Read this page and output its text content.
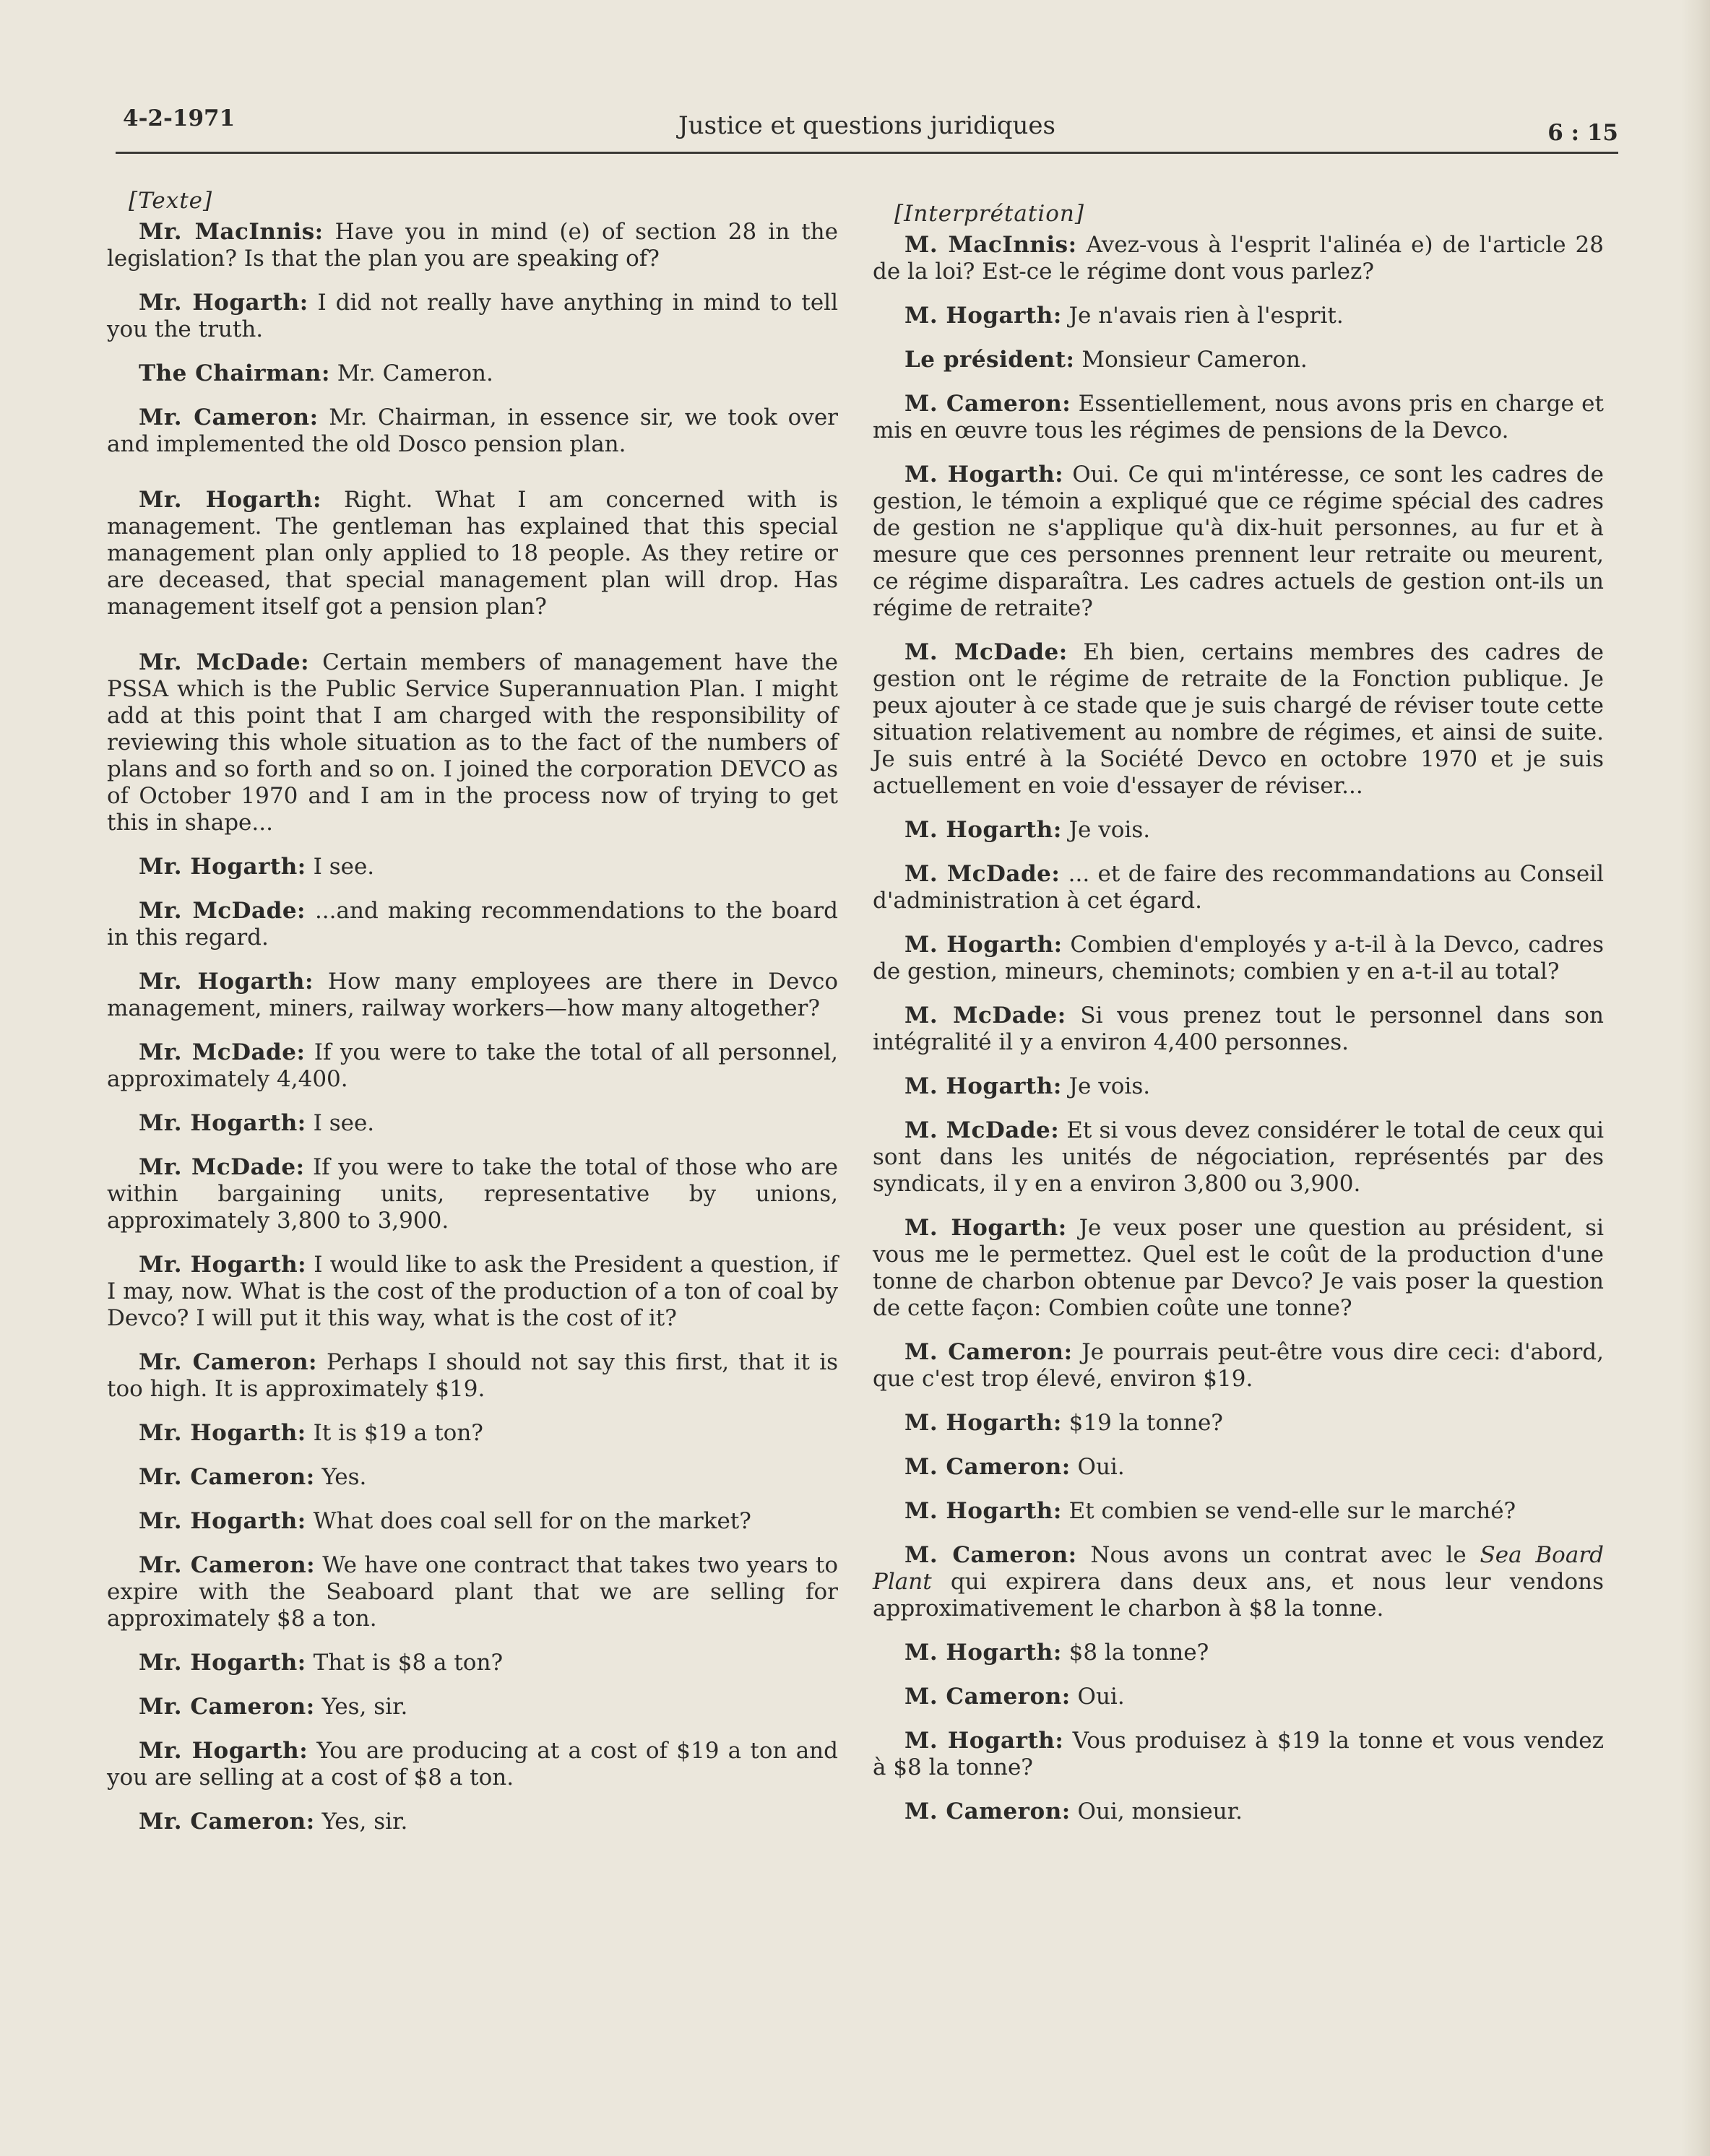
4-2-1971	Justice et questions juridiques	6 : 15
[Texte]

Mr. MacInnis: Have you in mind (e) of section 28 in the legislation? Is that the plan you are speaking of?

Mr. Hogarth: I did not really have anything in mind to tell you the truth.

The Chairman: Mr. Cameron.

Mr. Cameron: Mr. Chairman, in essence sir, we took over and implemented the old Dosco pension plan.

Mr. Hogarth: Right. What I am concerned with is management. The gentleman has explained that this special management plan only applied to 18 people. As they retire or are deceased, that special management plan will drop. Has management itself got a pension plan?

Mr. McDade: Certain members of management have the PSSA which is the Public Service Superannuation Plan. I might add at this point that I am charged with the responsibility of reviewing this whole situation as to the fact of the numbers of plans and so forth and so on. I joined the corporation DEVCO as of October 1970 and I am in the process now of trying to get this in shape...

Mr. Hogarth: I see.

Mr. McDade: ...and making recommendations to the board in this regard.

Mr. Hogarth: How many employees are there in Devco management, miners, railway workers—how many altogether?

Mr. McDade: If you were to take the total of all personnel, approximately 4,400.

Mr. Hogarth: I see.

Mr. McDade: If you were to take the total of those who are within bargaining units, representative by unions, approximately 3,800 to 3,900.

Mr. Hogarth: I would like to ask the President a question, if I may, now. What is the cost of the production of a ton of coal by Devco? I will put it this way, what is the cost of it?

Mr. Cameron: Perhaps I should not say this first, that it is too high. It is approximately $19.

Mr. Hogarth: It is $19 a ton?

Mr. Cameron: Yes.

Mr. Hogarth: What does coal sell for on the market?

Mr. Cameron: We have one contract that takes two years to expire with the Seaboard plant that we are selling for approximately $8 a ton.

Mr. Hogarth: That is $8 a ton?

Mr. Cameron: Yes, sir.

Mr. Hogarth: You are producing at a cost of $19 a ton and you are selling at a cost of $8 a ton.

Mr. Cameron: Yes, sir.

[Interprétation]

M. MacInnis: Avez-vous à l'esprit l'alinéa e) de l'article 28 de la loi? Est-ce le régime dont vous parlez?

M. Hogarth: Je n'avais rien à l'esprit.

Le président: Monsieur Cameron.

M. Cameron: Essentiellement, nous avons pris en charge et mis en œuvre tous les régimes de pensions de la Devco.

M. Hogarth: Oui. Ce qui m'intéresse, ce sont les cadres de gestion, le témoin a expliqué que ce régime spécial des cadres de gestion ne s'applique qu'à dix-huit personnes, au fur et à mesure que ces personnes prennent leur retraite ou meurent, ce régime disparaîtra. Les cadres actuels de gestion ont-ils un régime de retraite?

M. McDade: Eh bien, certains membres des cadres de gestion ont le régime de retraite de la Fonction publique. Je peux ajouter à ce stade que je suis chargé de réviser toute cette situation relativement au nombre de régimes, et ainsi de suite. Je suis entré à la Société Devco en octobre 1970 et je suis actuellement en voie d'essayer de réviser...

M. Hogarth: Je vois.

M. McDade: ... et de faire des recommandations au Conseil d'administration à cet égard.

M. Hogarth: Combien d'employés y a-t-il à la Devco, cadres de gestion, mineurs, cheminots; combien y en a-t-il au total?

M. McDade: Si vous prenez tout le personnel dans son intégralité il y a environ 4,400 personnes.

M. Hogarth: Je vois.

M. McDade: Et si vous devez considérer le total de ceux qui sont dans les unités de négociation, représentés par des syndicats, il y en a environ 3,800 ou 3,900.

M. Hogarth: Je veux poser une question au président, si vous me le permettez. Quel est le coût de la production d'une tonne de charbon obtenue par Devco? Je vais poser la question de cette façon: Combien coûte une tonne?

M. Cameron: Je pourrais peut-être vous dire ceci: d'abord, que c'est trop élevé, environ $19.

M. Hogarth: $19 la tonne?

M. Cameron: Oui.

M. Hogarth: Et combien se vend-elle sur le marché?

M. Cameron: Nous avons un contrat avec le Sea Board Plant qui expirera dans deux ans, et nous leur vendons approximativement le charbon à $8 la tonne.

M. Hogarth: $8 la tonne?

M. Cameron: Oui.

M. Hogarth: Vous produisez à $19 la tonne et vous vendez à $8 la tonne?

M. Cameron: Oui, monsieur.
